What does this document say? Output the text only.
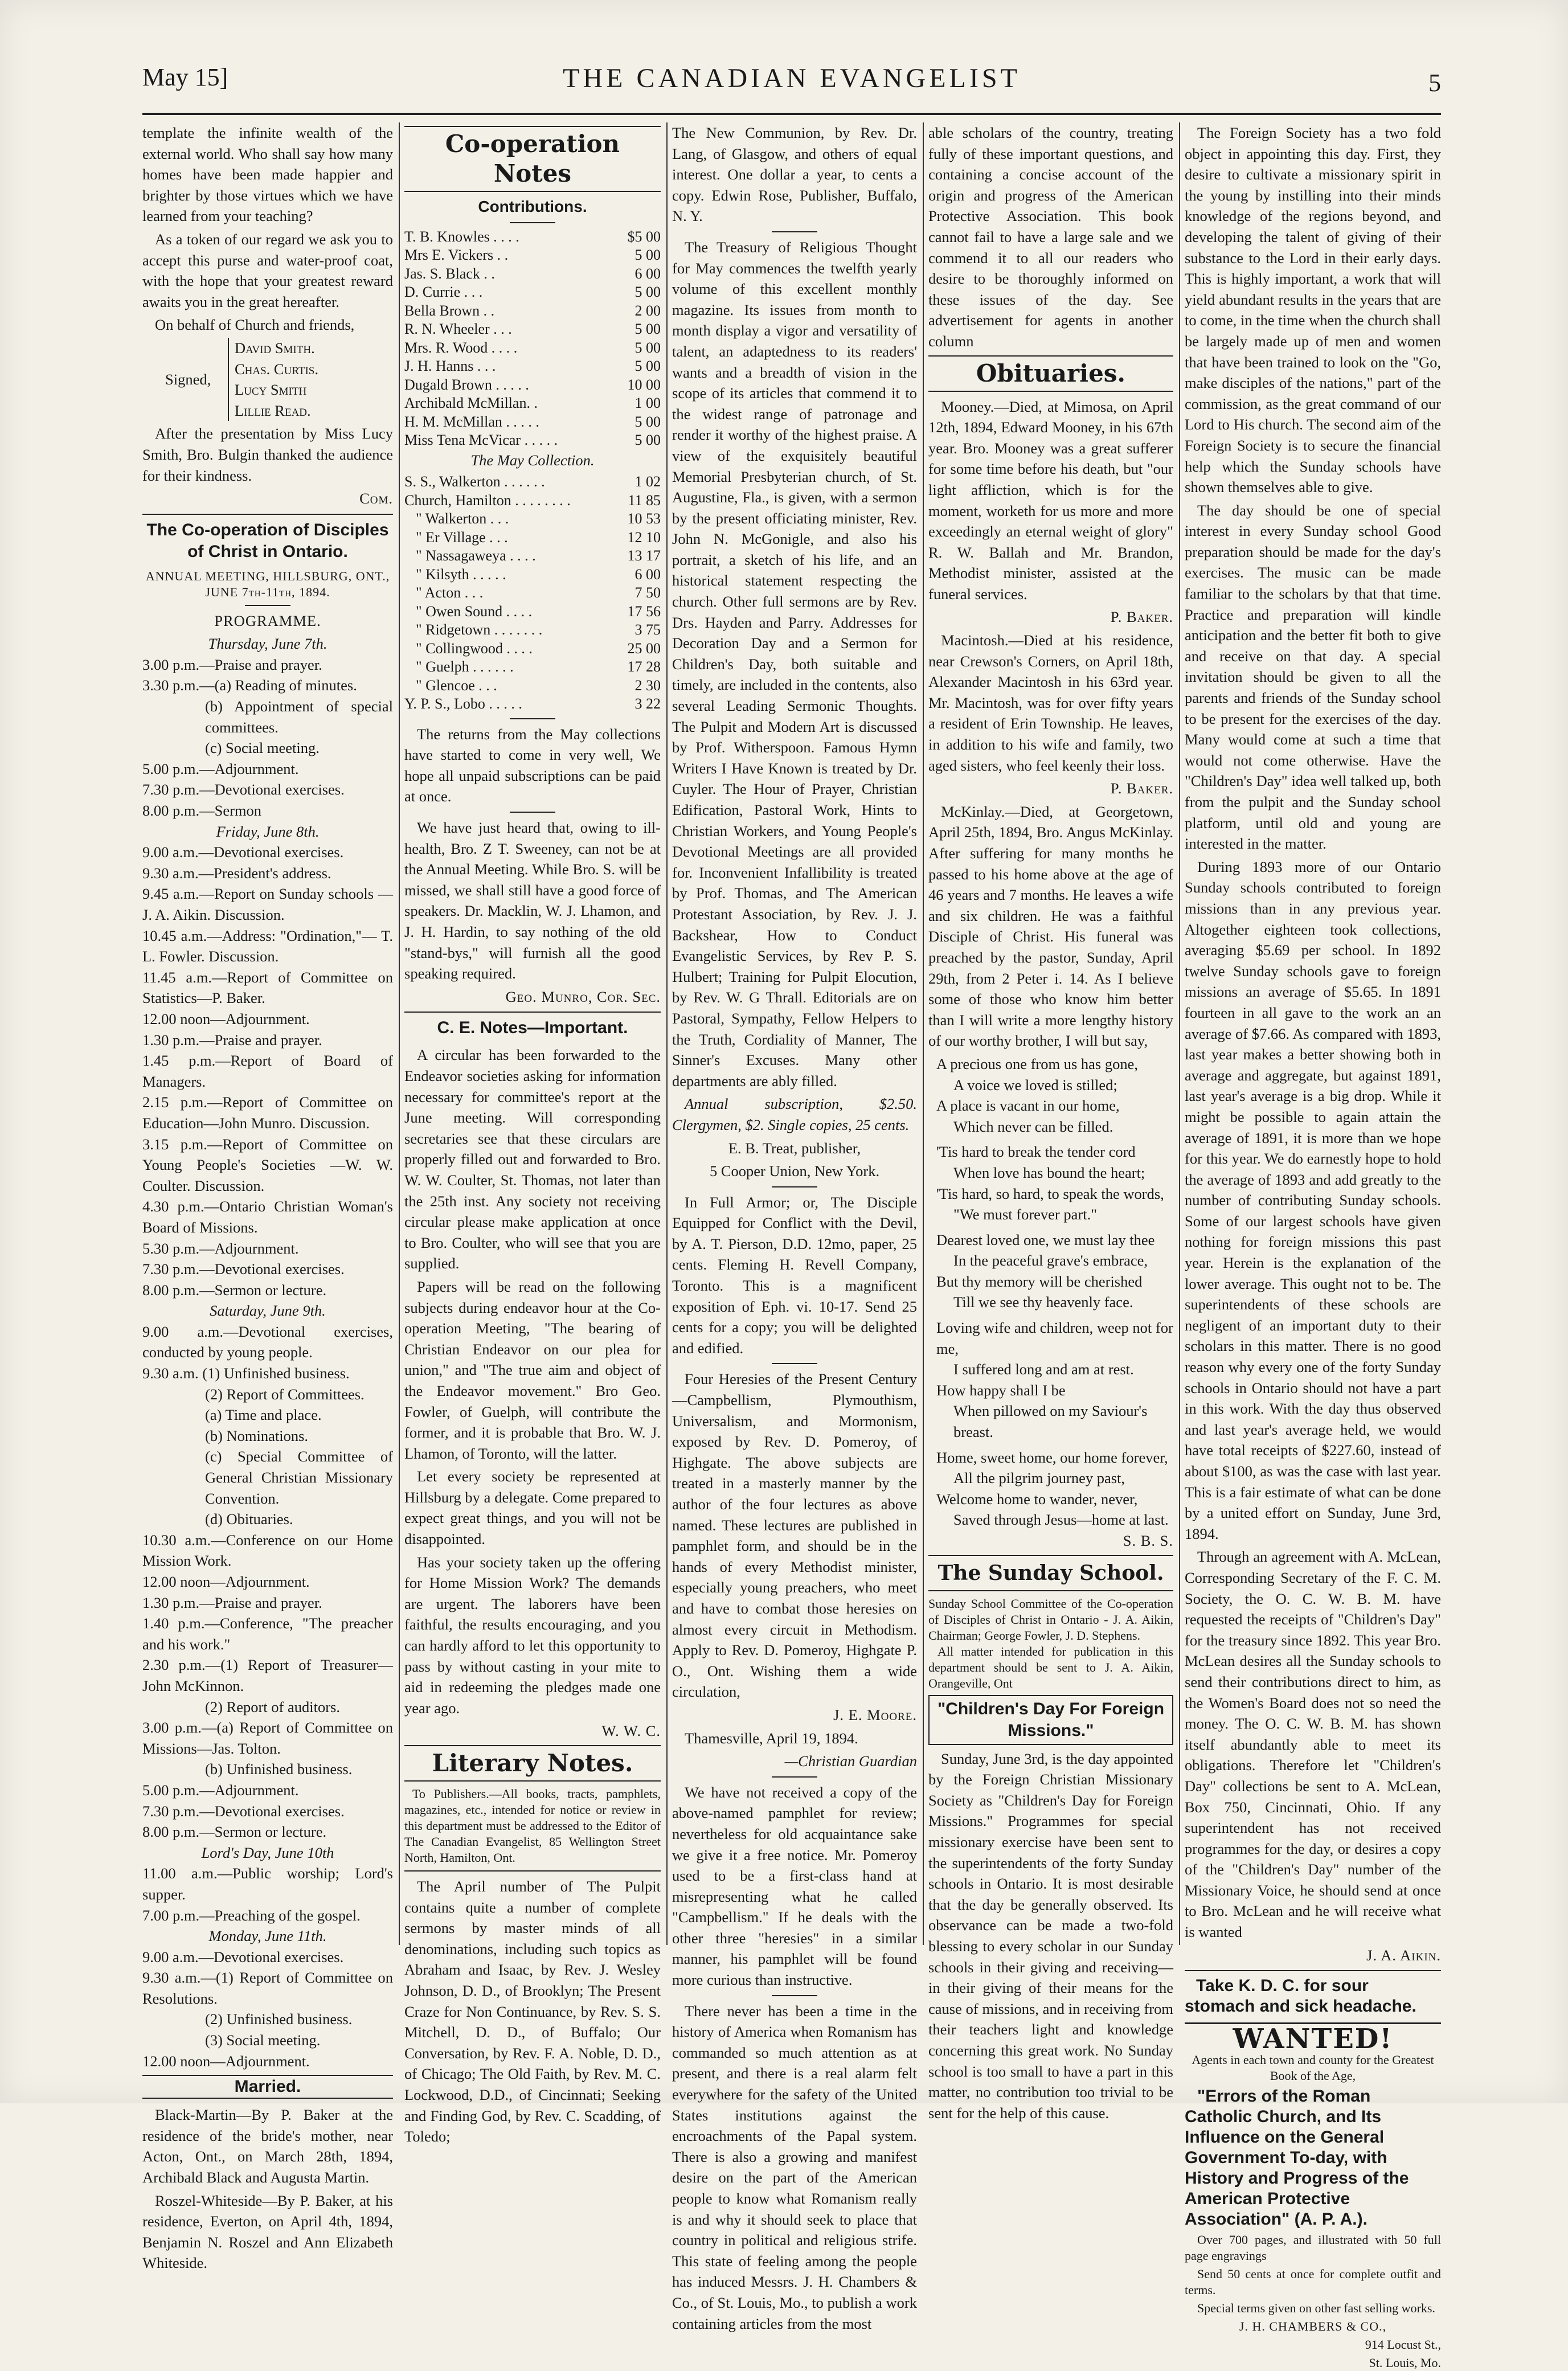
May 15]	THE CANADIAN EVANGELIST	5

template the infinite wealth of the external world. Who shall say how many homes have been made happier and brighter by those virtues which we have learned from your teaching?

As a token of our regard we ask you to accept this purse and water-proof coat, with the hope that your greatest reward awaits you in the great hereafter.

On behalf of Church and friends,

Signed,
David Smith.
Chas. Curtis.
Lucy Smith
Lillie Read.

After the presentation by Miss Lucy Smith, Bro. Bulgin thanked the audience for their kindness.

Com.

The Co-operation of Disciples of Christ in Ontario.

ANNUAL MEETING, HILLSBURG, ONT., JUNE 7th-11th, 1894.

PROGRAMME.

Thursday, June 7th.
3.00 p.m.—Praise and prayer.
3.30 p.m.—(a) Reading of minutes.
(b) Appointment of special committees.
(c) Social meeting.
5.00 p.m.—Adjournment.
7.30 p.m.—Devotional exercises.
8.00 p.m.—Sermon
Friday, June 8th.
9.00 a.m.—Devotional exercises.
9.30 a.m.—President's address.
9.45 a.m.—Report on Sunday schools —J. A. Aikin. Discussion.
10.45 a.m.—Address: "Ordination,"— T. L. Fowler. Discussion.
11.45 a.m.—Report of Committee on Statistics—P. Baker.
12.00 noon—Adjournment.
1.30 p.m.—Praise and prayer.
1.45 p.m.—Report of Board of Managers.
2.15 p.m.—Report of Committee on Education—John Munro. Discussion.
3.15 p.m.—Report of Committee on Young People's Societies —W. W. Coulter. Discussion.
4.30 p.m.—Ontario Christian Woman's Board of Missions.
5.30 p.m.—Adjournment.
7.30 p.m.—Devotional exercises.
8.00 p.m.—Sermon or lecture.
Saturday, June 9th.
9.00 a.m.—Devotional exercises, conducted by young people.
9.30 a.m. (1) Unfinished business.
(2) Report of Committees.
(a) Time and place.
(b) Nominations.
(c) Special Committee of General Christian Missionary Convention.
(d) Obituaries.
10.30 a.m.—Conference on our Home Mission Work.
12.00 noon—Adjournment.
1.30 p.m.—Praise and prayer.
1.40 p.m.—Conference, "The preacher and his work."
2.30 p.m.—(1) Report of Treasurer— John McKinnon.
(2) Report of auditors.
3.00 p.m.—(a) Report of Committee on Missions—Jas. Tolton.
(b) Unfinished business.
5.00 p.m.—Adjournment.
7.30 p.m.—Devotional exercises.
8.00 p.m.—Sermon or lecture.
Lord's Day, June 10th
11.00 a.m.—Public worship; Lord's supper.
7.00 p.m.—Preaching of the gospel.
Monday, June 11th.
9.00 a.m.—Devotional exercises.
9.30 a.m.—(1) Report of Committee on Resolutions.
(2) Unfinished business.
(3) Social meeting.
12.00 noon—Adjournment.
Married.

Black-Martin—By P. Baker at the residence of the bride's mother, near Acton, Ont., on March 28th, 1894, Archibald Black and Augusta Martin.

Roszel-Whiteside—By P. Baker, at his residence, Everton, on April 4th, 1894, Benjamin N. Roszel and Ann Elizabeth Whiteside.

Co-operation Notes
Contributions.
T. B. Knowles . . . .	$5 00
Mrs E. Vickers . .	5 00
Jas. S. Black . .	6 00
D. Currie . . .	5 00
Bella Brown . .	2 00
R. N. Wheeler . . .	5 00
Mrs. R. Wood . . . .	5 00
J. H. Hanns . . .	5 00
Dugald Brown . . . . .	10 00
Archibald McMillan. .	1 00
H. M. McMillan . . . . .	5 00
Miss Tena McVicar . . . . .	5 00

The May Collection.

S. S., Walkerton . . . . . .	1 02
Church, Hamilton . . . . . . . .	11 85
" Walkerton . . .	10 53
" Er Village . . .	12 10
" Nassagaweya . . . .	13 17
" Kilsyth . . . . .	6 00
" Acton . . .	7 50
" Owen Sound . . . .	17 56
" Ridgetown . . . . . . .	3 75
" Collingwood . . . .	25 00
" Guelph . . . . . .	17 28
" Glencoe . . .	2 30
Y. P. S., Lobo . . . . .	3 22

The returns from the May collections have started to come in very well, We hope all unpaid subscriptions can be paid at once.

We have just heard that, owing to ill-health, Bro. Z T. Sweeney, can not be at the Annual Meeting. While Bro. S. will be missed, we shall still have a good force of speakers. Dr. Macklin, W. J. Lhamon, and J. H. Hardin, to say nothing of the old "stand-bys," will furnish all the good speaking required.

Geo. Munro, Cor. Sec.

C. E. Notes—Important.

A circular has been forwarded to the Endeavor societies asking for information necessary for committee's report at the June meeting. Will corresponding secretaries see that these circulars are properly filled out and forwarded to Bro. W. W. Coulter, St. Thomas, not later than the 25th inst. Any society not receiving circular please make application at once to Bro. Coulter, who will see that you are supplied.

Papers will be read on the following subjects during endeavor hour at the Co-operation Meeting, "The bearing of Christian Endeavor on our plea for union," and "The true aim and object of the Endeavor movement." Bro Geo. Fowler, of Guelph, will contribute the former, and it is probable that Bro. W. J. Lhamon, of Toronto, will the latter.

Let every society be represented at Hillsburg by a delegate. Come prepared to expect great things, and you will not be disappointed.

Has your society taken up the offering for Home Mission Work? The demands are urgent. The laborers have been faithful, the results encouraging, and you can hardly afford to let this opportunity to pass by without casting in your mite to aid in redeeming the pledges made one year ago.

W. W. C.

Literary Notes.

To Publishers.—All books, tracts, pamphlets, magazines, etc., intended for notice or review in this department must be addressed to the Editor of The Canadian Evangelist, 85 Wellington Street North, Hamilton, Ont.

The April number of The Pulpit contains quite a number of complete sermons by master minds of all denominations, including such topics as Abraham and Isaac, by Rev. J. Wesley Johnson, D. D., of Brooklyn; The Present Craze for Non Continuance, by Rev. S. S. Mitchell, D. D., of Buffalo; Our Conversation, by Rev. F. A. Noble, D. D., of Chicago; The Old Faith, by Rev. M. C. Lockwood, D.D., of Cincinnati; Seeking and Finding God, by Rev. C. Scadding, of Toledo;

The New Communion, by Rev. Dr. Lang, of Glasgow, and others of equal interest. One dollar a year, to cents a copy. Edwin Rose, Publisher, Buffalo, N. Y.

The Treasury of Religious Thought for May commences the twelfth yearly volume of this excellent monthly magazine. Its issues from month to month display a vigor and versatility of talent, an adaptedness to its readers' wants and a breadth of vision in the scope of its articles that commend it to the widest range of patronage and render it worthy of the highest praise. A view of the exquisitely beautiful Memorial Presbyterian church, of St. Augustine, Fla., is given, with a sermon by the present officiating minister, Rev. John N. McGonigle, and also his portrait, a sketch of his life, and an historical statement respecting the church. Other full sermons are by Rev. Drs. Hayden and Parry. Addresses for Decoration Day and a Sermon for Children's Day, both suitable and timely, are included in the contents, also several Leading Sermonic Thoughts. The Pulpit and Modern Art is discussed by Prof. Witherspoon. Famous Hymn Writers I Have Known is treated by Dr. Cuyler. The Hour of Prayer, Christian Edification, Pastoral Work, Hints to Christian Workers, and Young People's Devotional Meetings are all provided for. Inconvenient Infallibility is treated by Prof. Thomas, and The American Protestant Association, by Rev. J. J. Backshear, How to Conduct Evangelistic Services, by Rev P. S. Hulbert; Training for Pulpit Elocution, by Rev. W. G Thrall. Editorials are on Pastoral, Sympathy, Fellow Helpers to the Truth, Cordiality of Manner, The Sinner's Excuses. Many other departments are ably filled.

Annual subscription, $2.50. Clergymen, $2. Single copies, 25 cents.

E. B. Treat, publisher,

5 Cooper Union, New York.

In Full Armor; or, The Disciple Equipped for Conflict with the Devil, by A. T. Pierson, D.D. 12mo, paper, 25 cents. Fleming H. Revell Company, Toronto. This is a magnificent exposition of Eph. vi. 10-17. Send 25 cents for a copy; you will be delighted and edified.

Four Heresies of the Present Century—Campbellism, Plymouthism, Universalism, and Mormonism, exposed by Rev. D. Pomeroy, of Highgate. The above subjects are treated in a masterly manner by the author of the four lectures as above named. These lectures are published in pamphlet form, and should be in the hands of every Methodist minister, especially young preachers, who meet and have to combat those heresies on almost every circuit in Methodism. Apply to Rev. D. Pomeroy, Highgate P. O., Ont. Wishing them a wide circulation,

J. E. Moore.

Thamesville, April 19, 1894.

—Christian Guardian

We have not received a copy of the above-named pamphlet for review; nevertheless for old acquaintance sake we give it a free notice. Mr. Pomeroy used to be a first-class hand at misrepresenting what he called "Campbellism." If he deals with the other three "heresies" in a similar manner, his pamphlet will be found more curious than instructive.

There never has been a time in the history of America when Romanism has commanded so much attention as at present, and there is a real alarm felt everywhere for the safety of the United States institutions against the encroachments of the Papal system. There is also a growing and manifest desire on the part of the American people to know what Romanism really is and why it should seek to place that country in political and religious strife. This state of feeling among the people has induced Messrs. J. H. Chambers & Co., of St. Louis, Mo., to publish a work containing articles from the most

able scholars of the country, treating fully of these important questions, and containing a concise account of the origin and progress of the American Protective Association. This book cannot fail to have a large sale and we commend it to all our readers who desire to be thoroughly informed on these issues of the day. See advertisement for agents in another column

Obituaries.

Mooney.—Died, at Mimosa, on April 12th, 1894, Edward Mooney, in his 67th year. Bro. Mooney was a great sufferer for some time before his death, but "our light affliction, which is for the moment, worketh for us more and more exceedingly an eternal weight of glory" R. W. Ballah and Mr. Brandon, Methodist minister, assisted at the funeral services.

P. Baker.

Macintosh.—Died at his residence, near Crewson's Corners, on April 18th, Alexander Macintosh in his 63rd year. Mr. Macintosh, was for over fifty years a resident of Erin Township. He leaves, in addition to his wife and family, two aged sisters, who feel keenly their loss.

P. Baker.

McKinlay.—Died, at Georgetown, April 25th, 1894, Bro. Angus McKinlay. After suffering for many months he passed to his home above at the age of 46 years and 7 months. He leaves a wife and six children. He was a faithful Disciple of Christ. His funeral was preached by the pastor, Sunday, April 29th, from 2 Peter i. 14. As I believe some of those who know him better than I will write a more lengthy history of our worthy brother, I will but say,

A precious one from us has gone,
A voice we loved is stilled;
A place is vacant in our home,
Which never can be filled.
'Tis hard to break the tender cord
When love has bound the heart;
'Tis hard, so hard, to speak the words,
"We must forever part."
Dearest loved one, we must lay thee
In the peaceful grave's embrace,
But thy memory will be cherished
Till we see thy heavenly face.
Loving wife and children, weep not for me,
I suffered long and am at rest.
How happy shall I be
When pillowed on my Saviour's breast.
Home, sweet home, our home forever,
All the pilgrim journey past,
Welcome home to wander, never,
Saved through Jesus—home at last.

S. B. S.

The Sunday School.
Sunday School Committee of the Co-operation of Disciples of Christ in Ontario - J. A. Aikin, Chairman; George Fowler, J. D. Stephens.
All matter intended for publication in this department should be sent to J. A. Aikin, Orangeville, Ont
"Children's Day For Foreign Missions."

Sunday, June 3rd, is the day appointed by the Foreign Christian Missionary Society as "Children's Day for Foreign Missions." Programmes for special missionary exercise have been sent to the superintendents of the forty Sunday schools in Ontario. It is most desirable that the day be generally observed. Its observance can be made a two-fold blessing to every scholar in our Sunday schools in their giving and receiving—in their giving of their means for the cause of missions, and in receiving from their teachers light and knowledge concerning this great work. No Sunday school is too small to have a part in this matter, no contribution too trivial to be sent for the help of this cause.

The Foreign Society has a two fold object in appointing this day. First, they desire to cultivate a missionary spirit in the young by instilling into their minds knowledge of the regions beyond, and developing the talent of giving of their substance to the Lord in their early days. This is highly important, a work that will yield abundant results in the years that are to come, in the time when the church shall be largely made up of men and women that have been trained to look on the "Go, make disciples of the nations," part of the commission, as the great command of our Lord to His church. The second aim of the Foreign Society is to secure the financial help which the Sunday schools have shown themselves able to give.

The day should be one of special interest in every Sunday school Good preparation should be made for the day's exercises. The music can be made familiar to the scholars by that that time. Practice and preparation will kindle anticipation and the better fit both to give and receive on that day. A special invitation should be given to all the parents and friends of the Sunday school to be present for the exercises of the day. Many would come at such a time that would not come otherwise. Have the "Children's Day" idea well talked up, both from the pulpit and the Sunday school platform, until old and young are interested in the matter.

During 1893 more of our Ontario Sunday schools contributed to foreign missions than in any previous year. Altogether eighteen took collections, averaging $5.69 per school. In 1892 twelve Sunday schools gave to foreign missions an average of $5.65. In 1891 fourteen in all gave to the work an an average of $7.66. As compared with 1893, last year makes a better showing both in average and aggregate, but against 1891, last year's average is a big drop. While it might be possible to again attain the average of 1891, it is more than we hope for this year. We do earnestly hope to hold the average of 1893 and add greatly to the number of contributing Sunday schools. Some of our largest schools have given nothing for foreign missions this past year. Herein is the explanation of the lower average. This ought not to be. The superintendents of these schools are negligent of an important duty to their scholars in this matter. There is no good reason why every one of the forty Sunday schools in Ontario should not have a part in this work. With the day thus observed and last year's average held, we would have total receipts of $227.60, instead of about $100, as was the case with last year. This is a fair estimate of what can be done by a united effort on Sunday, June 3rd, 1894.

Through an agreement with A. McLean, Corresponding Secretary of the F. C. M. Society, the O. C. W. B. M. have requested the receipts of "Children's Day" for the treasury since 1892. This year Bro. McLean desires all the Sunday schools to send their contributions direct to him, as the Women's Board does not so need the money. The O. C. W. B. M. has shown itself abundantly able to meet its obligations. Therefore let "Children's Day" collections be sent to A. McLean, Box 750, Cincinnati, Ohio. If any superintendent has not received programmes for the day, or desires a copy of the "Children's Day" number of the Missionary Voice, he should send at once to Bro. McLean and he will receive what is wanted

J. A. Aikin.

Take K. D. C. for sour stomach and sick headache.

WANTED!

Agents in each town and county for the Greatest Book of the Age,

"Errors of the Roman Catholic Church, and Its Influence on the General Government To-day, with History and Progress of the American Protective Association" (A. P. A.).

Over 700 pages, and illustrated with 50 full page engravings

Send 50 cents at once for complete outfit and terms.

Special terms given on other fast selling works.

J. H. CHAMBERS & CO.,

914 Locust St.,

St. Louis, Mo.
